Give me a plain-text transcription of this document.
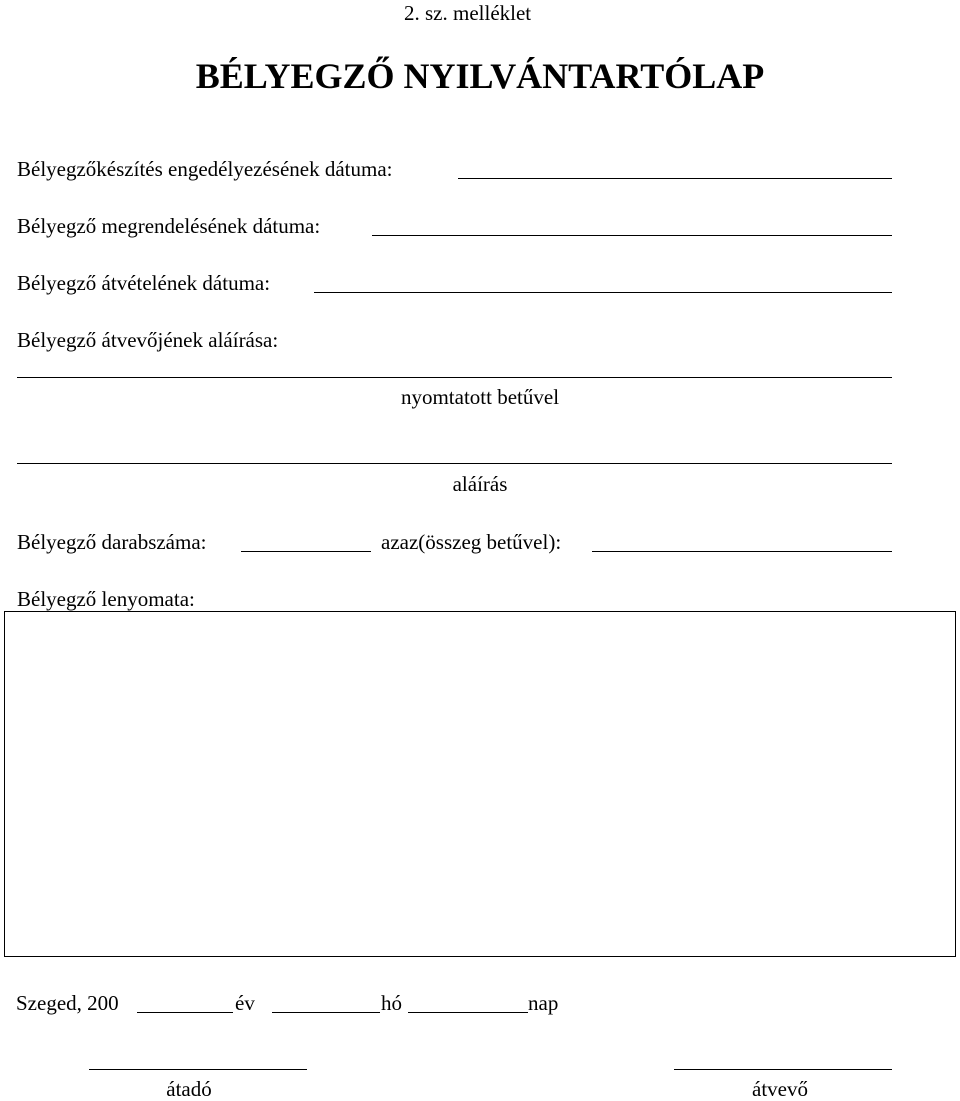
2. sz. melléklet
BÉLYEGZŐ NYILVÁNTARTÓLAP
Bélyegzőkészítés engedélyezésének dátuma:
Bélyegző megrendelésének dátuma:
Bélyegző átvételének dátuma:
Bélyegző átvevőjének aláírása:
nyomtatott betűvel
aláírás
Bélyegző darabszáma:	azaz(összeg betűvel):
Bélyegző lenyomata:
Szeged, 200	év	hó	nap
átadó	átvevő
